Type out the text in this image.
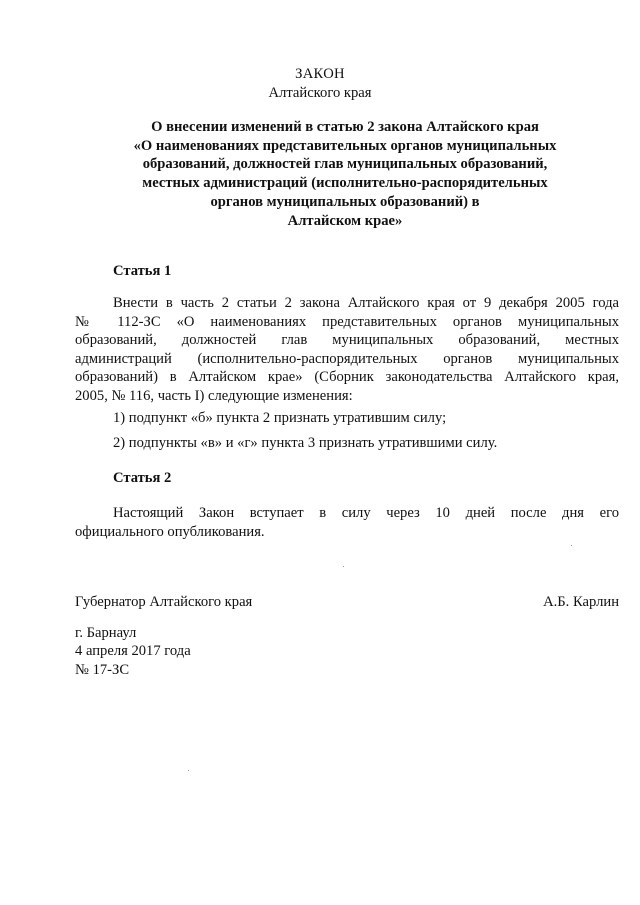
ЗАКОН
Алтайского края
О внесении изменений в статью 2 закона Алтайского края
«О наименованиях представительных органов муниципальных
образований, должностей глав муниципальных образований,
местных администраций (исполнительно-распорядительных
органов муниципальных образований) в
Алтайском крае»
Статья 1
Внести в часть 2 статьи 2 закона Алтайского края от 9 декабря 2005 года
№ 112-ЗС «О наименованиях представительных органов муниципальных
образований, должностей глав муниципальных образований, местных
администраций (исполнительно-распорядительных органов муниципальных
образований) в Алтайском крае» (Сборник законодательства Алтайского края,
2005, № 116, часть I) следующие изменения:
1) подпункт «б» пункта 2 признать утратившим силу;
2) подпункты «в» и «г» пункта 3 признать утратившими силу.
Статья 2
Настоящий Закон вступает в силу через 10 дней после дня его
официального опубликования.
Губернатор Алтайского края	А.Б. Карлин
г. Барнаул
4 апреля 2017 года
№ 17-ЗС
